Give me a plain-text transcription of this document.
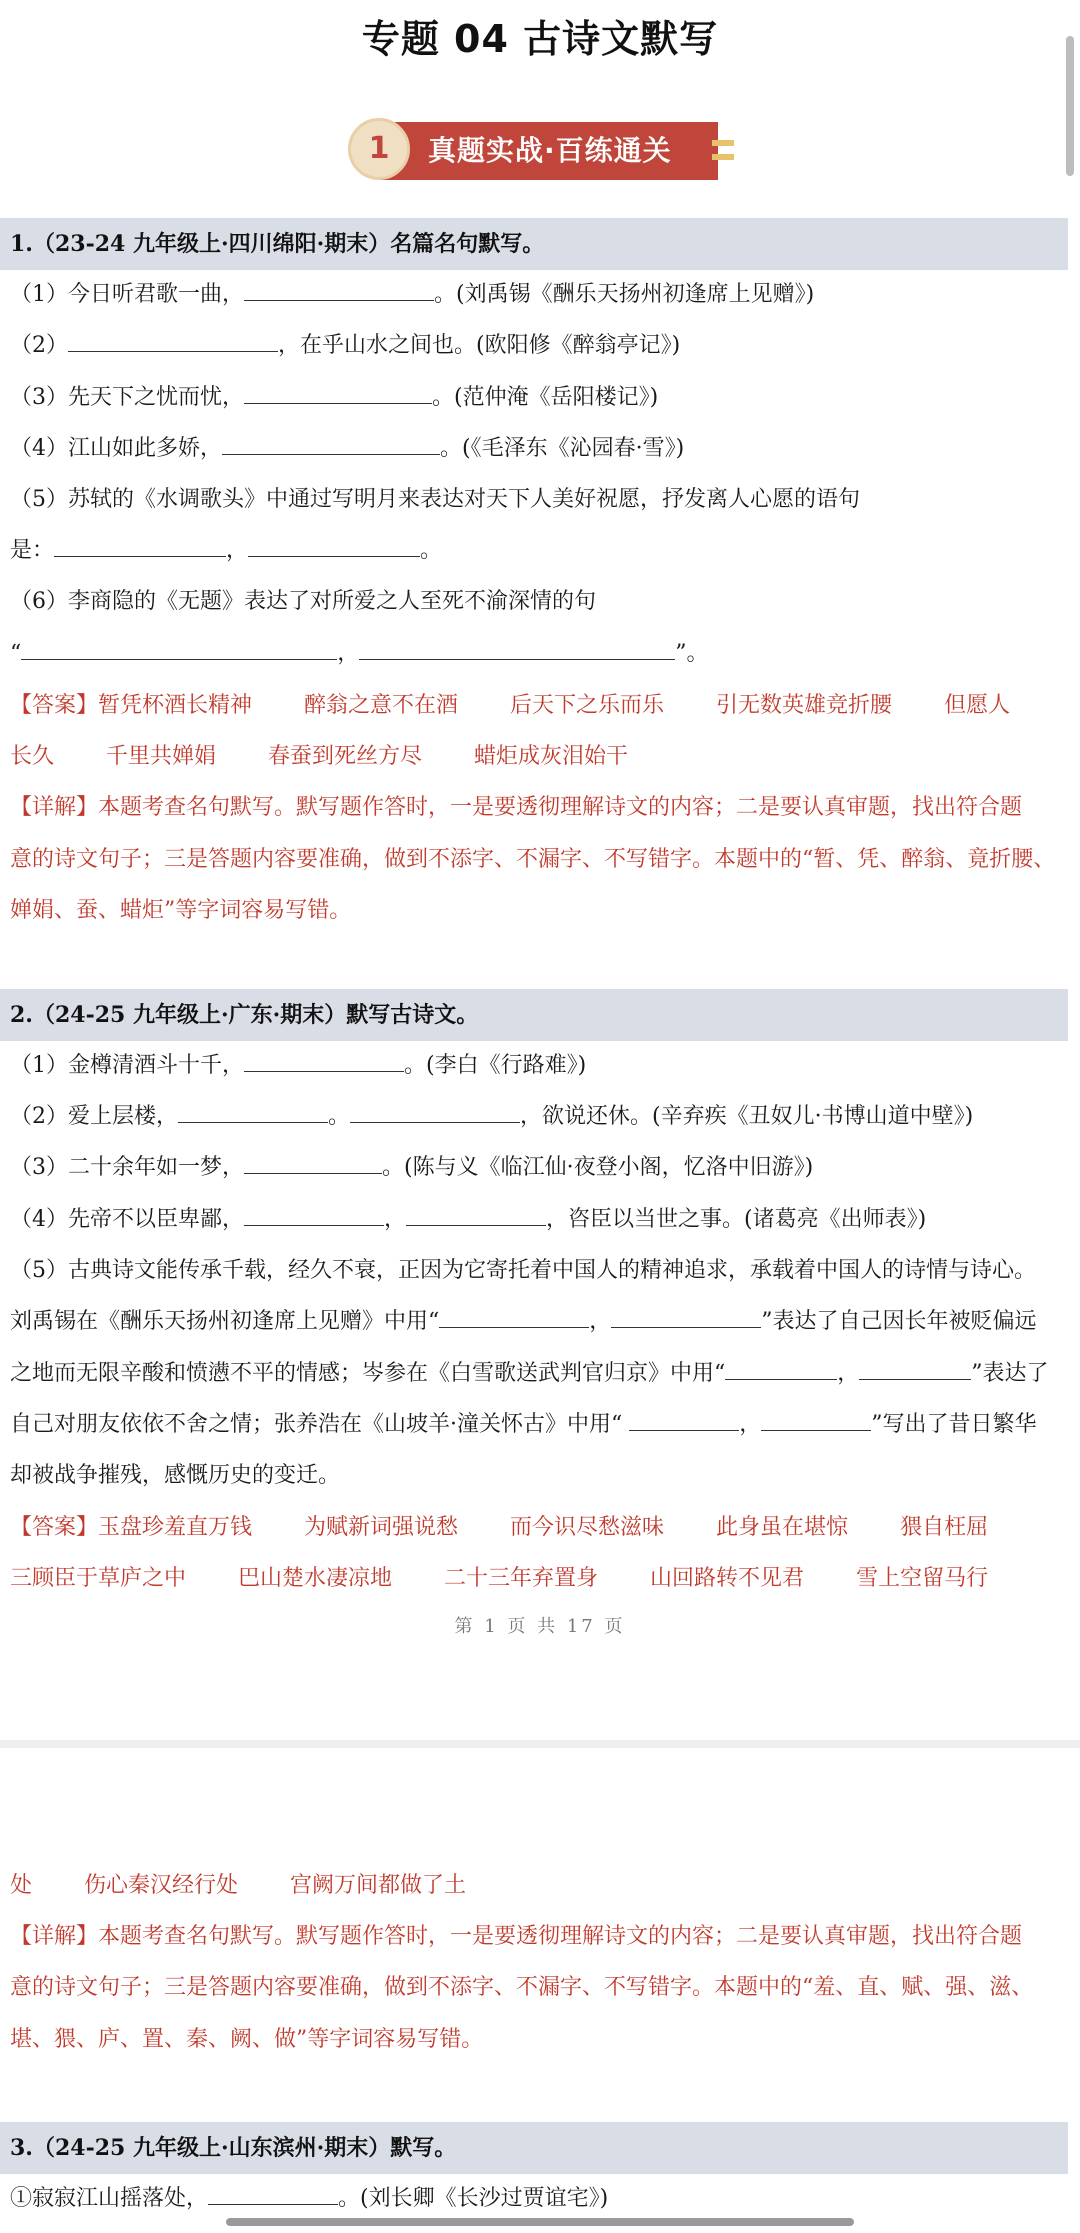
专题 04 古诗文默写
真题实战·百练通关
1
1.（23-24 九年级上·四川绵阳·期末）名篇名句默写。
（1）今日听君歌一曲，	。(刘禹锡《酬乐天扬州初逢席上见赠》)
（2）	，在乎山水之间也。(欧阳修《醉翁亭记》)
（3）先天下之忧而忧，	。(范仲淹《岳阳楼记》)
（4）江山如此多娇，	。(《毛泽东《沁园春·雪》)
（5）苏轼的《水调歌头》中通过写明月来表达对天下人美好祝愿，抒发离人心愿的语句
是：	，	。
（6）李商隐的《无题》表达了对所爱之人至死不渝深情的句
“	，	”。
【答案】暂凭杯酒长精神 醉翁之意不在酒 后天下之乐而乐 引无数英雄竞折腰 但愿人
长久 千里共婵娟 春蚕到死丝方尽 蜡炬成灰泪始干
【详解】本题考查名句默写。默写题作答时，一是要透彻理解诗文的内容；二是要认真审题，找出符合题
意的诗文句子；三是答题内容要准确，做到不添字、不漏字、不写错字。本题中的“暂、凭、醉翁、竟折腰、
婵娟、蚕、蜡炬”等字词容易写错。
2.（24-25 九年级上·广东·期末）默写古诗文。
（1）金樽清酒斗十千，	。(李白《行路难》)
（2）爱上层楼，	。	，欲说还休。(辛弃疾《丑奴儿·书博山道中壁》)
（3）二十余年如一梦，	。(陈与义《临江仙·夜登小阁，忆洛中旧游》)
（4）先帝不以臣卑鄙，	，	，咨臣以当世之事。(诸葛亮《出师表》)
（5）古典诗文能传承千载，经久不衰，正因为它寄托着中国人的精神追求，承载着中国人的诗情与诗心。
刘禹锡在《酬乐天扬州初逢席上见赠》中用“	，	”表达了自己因长年被贬偏远
之地而无限辛酸和愤懑不平的情感；岑参在《白雪歌送武判官归京》中用“	，	”表达了
自己对朋友依依不舍之情；张养浩在《山坡羊·潼关怀古》中用“	，	”写出了昔日繁华
却被战争摧残，感慨历史的变迁。
【答案】玉盘珍羞直万钱 为赋新词强说愁 而今识尽愁滋味 此身虽在堪惊 猥自枉屈
三顾臣于草庐之中 巴山楚水凄凉地 二十三年弃置身 山回路转不见君 雪上空留马行
第 1 页 共 17 页
处 伤心秦汉经行处 宫阙万间都做了土
【详解】本题考查名句默写。默写题作答时，一是要透彻理解诗文的内容；二是要认真审题，找出符合题
意的诗文句子；三是答题内容要准确，做到不添字、不漏字、不写错字。本题中的“羞、直、赋、强、滋、
堪、猥、庐、置、秦、阙、做”等字词容易写错。
3.（24-25 九年级上·山东滨州·期末）默写。
①寂寂江山摇落处，	。(刘长卿《长沙过贾谊宅》)
